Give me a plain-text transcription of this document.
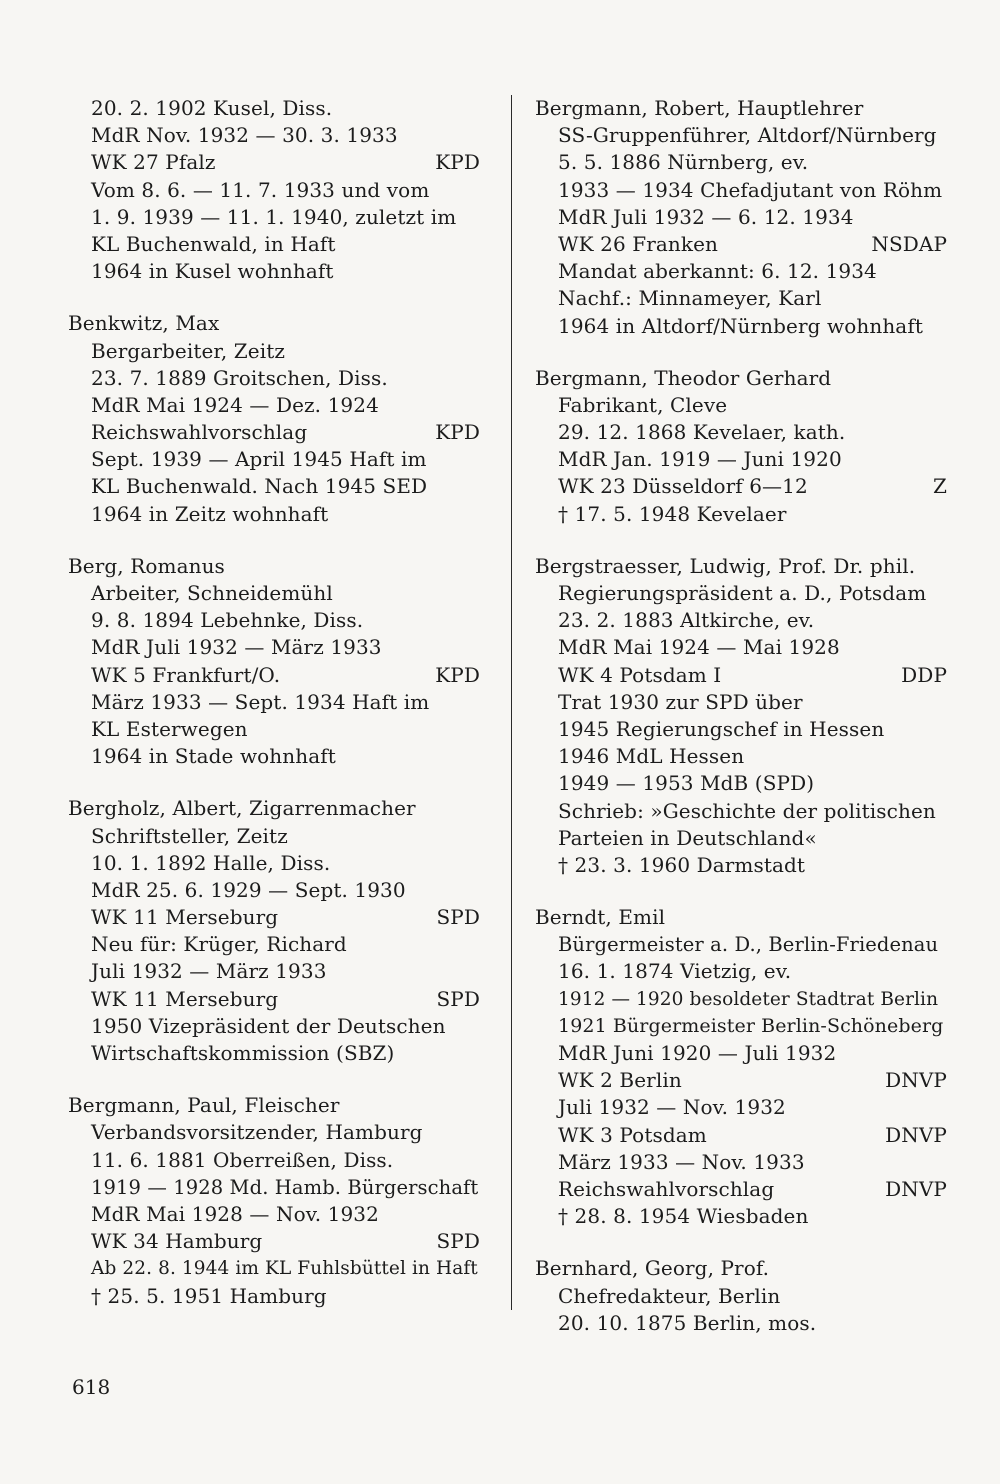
20. 2. 1902 Kusel, Diss.
MdR Nov. 1932 — 30. 3. 1933
WK 27 Pfalz	KPD
Vom 8. 6. — 11. 7. 1933 und vom
1. 9. 1939 — 11. 1. 1940, zuletzt im
KL Buchenwald, in Haft
1964 in Kusel wohnhaft
Benkwitz, Max
Bergarbeiter, Zeitz
23. 7. 1889 Groitschen, Diss.
MdR Mai 1924 — Dez. 1924
Reichswahlvorschlag	KPD
Sept. 1939 — April 1945 Haft im
KL Buchenwald. Nach 1945 SED
1964 in Zeitz wohnhaft
Berg, Romanus
Arbeiter, Schneidemühl
9. 8. 1894 Lebehnke, Diss.
MdR Juli 1932 — März 1933
WK 5 Frankfurt/O.	KPD
März 1933 — Sept. 1934 Haft im
KL Esterwegen
1964 in Stade wohnhaft
Bergholz, Albert, Zigarrenmacher
Schriftsteller, Zeitz
10. 1. 1892 Halle, Diss.
MdR 25. 6. 1929 — Sept. 1930
WK 11 Merseburg	SPD
Neu für: Krüger, Richard
Juli 1932 — März 1933
WK 11 Merseburg	SPD
1950 Vizepräsident der Deutschen
Wirtschaftskommission (SBZ)
Bergmann, Paul, Fleischer
Verbandsvorsitzender, Hamburg
11. 6. 1881 Oberreißen, Diss.
1919 — 1928 Md. Hamb. Bürgerschaft
MdR Mai 1928 — Nov. 1932
WK 34 Hamburg	SPD
Ab 22. 8. 1944 im KL Fuhlsbüttel in Haft
† 25. 5. 1951 Hamburg
Bergmann, Robert, Hauptlehrer
SS-Gruppenführer, Altdorf/Nürnberg
5. 5. 1886 Nürnberg, ev.
1933 — 1934 Chefadjutant von Röhm
MdR Juli 1932 — 6. 12. 1934
WK 26 Franken	NSDAP
Mandat aberkannt: 6. 12. 1934
Nachf.: Minnameyer, Karl
1964 in Altdorf/Nürnberg wohnhaft
Bergmann, Theodor Gerhard
Fabrikant, Cleve
29. 12. 1868 Kevelaer, kath.
MdR Jan. 1919 — Juni 1920
WK 23 Düsseldorf 6—12	Z
† 17. 5. 1948 Kevelaer
Bergstraesser, Ludwig, Prof. Dr. phil.
Regierungspräsident a. D., Potsdam
23. 2. 1883 Altkirche, ev.
MdR Mai 1924 — Mai 1928
WK 4 Potsdam I	DDP
Trat 1930 zur SPD über
1945 Regierungschef in Hessen
1946 MdL Hessen
1949 — 1953 MdB (SPD)
Schrieb: »Geschichte der politischen
Parteien in Deutschland«
† 23. 3. 1960 Darmstadt
Berndt, Emil
Bürgermeister a. D., Berlin-Friedenau
16. 1. 1874 Vietzig, ev.
1912 — 1920 besoldeter Stadtrat Berlin
1921 Bürgermeister Berlin-Schöneberg
MdR Juni 1920 — Juli 1932
WK 2 Berlin	DNVP
Juli 1932 — Nov. 1932
WK 3 Potsdam	DNVP
März 1933 — Nov. 1933
Reichswahlvorschlag	DNVP
† 28. 8. 1954 Wiesbaden
Bernhard, Georg, Prof.
Chefredakteur, Berlin
20. 10. 1875 Berlin, mos.
618
